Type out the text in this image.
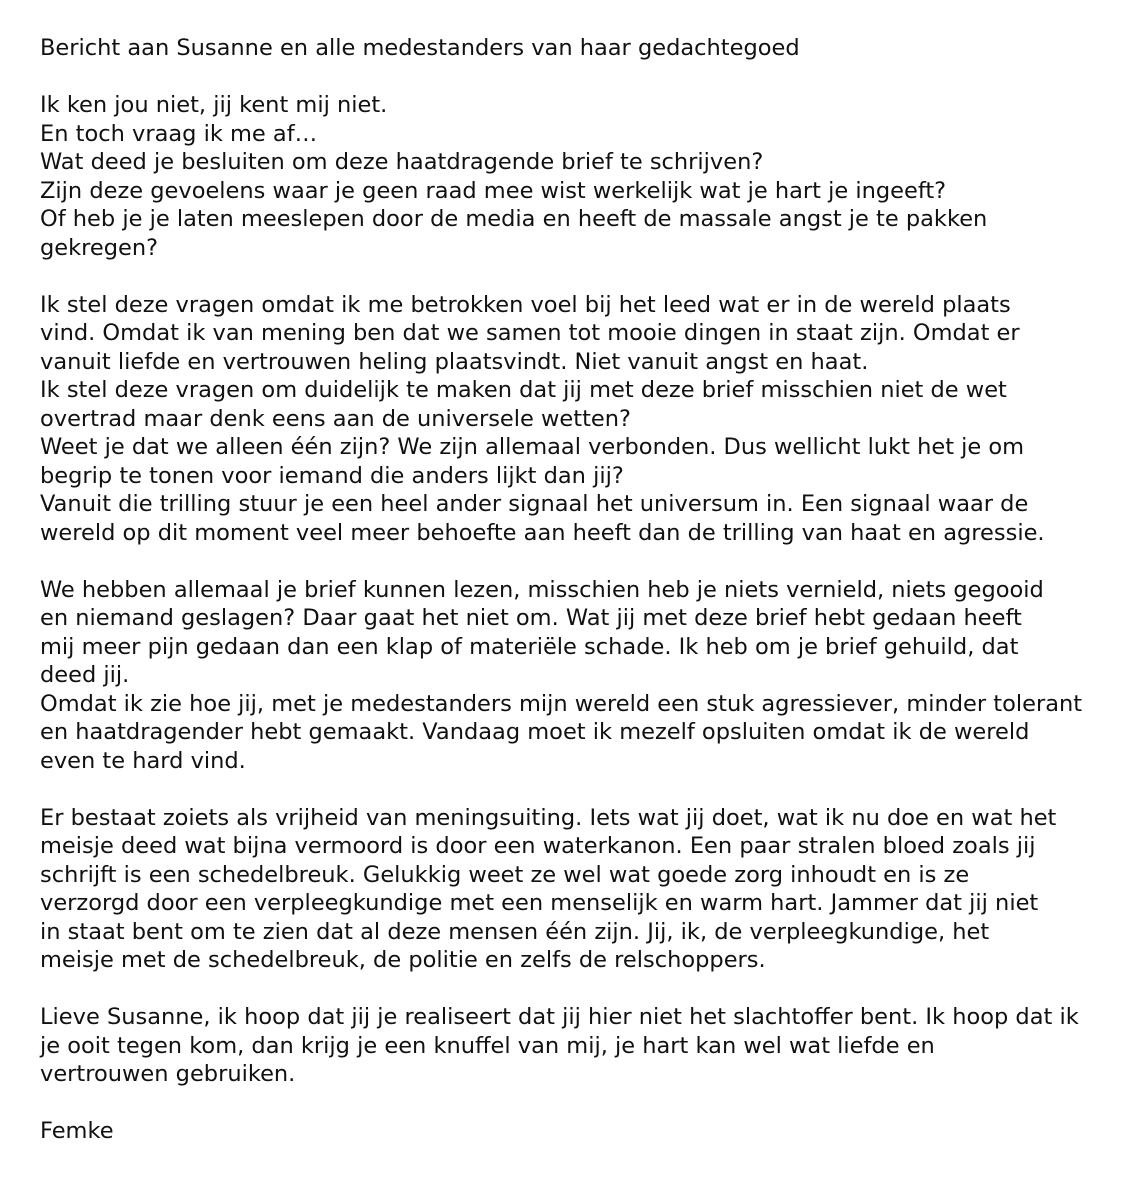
Bericht aan Susanne en alle medestanders van haar gedachtegoed
Ik ken jou niet, jij kent mij niet.
En toch vraag ik me af…
Wat deed je besluiten om deze haatdragende brief te schrijven?
Zijn deze gevoelens waar je geen raad mee wist werkelijk wat je hart je ingeeft?
Of heb je je laten meeslepen door de media en heeft de massale angst je te pakken
gekregen?
Ik stel deze vragen omdat ik me betrokken voel bij het leed wat er in de wereld plaats
vind. Omdat ik van mening ben dat we samen tot mooie dingen in staat zijn. Omdat er
vanuit liefde en vertrouwen heling plaatsvindt. Niet vanuit angst en haat.
Ik stel deze vragen om duidelijk te maken dat jij met deze brief misschien niet de wet
overtrad maar denk eens aan de universele wetten?
Weet je dat we alleen één zijn? We zijn allemaal verbonden. Dus wellicht lukt het je om
begrip te tonen voor iemand die anders lijkt dan jij?
Vanuit die trilling stuur je een heel ander signaal het universum in. Een signaal waar de
wereld op dit moment veel meer behoefte aan heeft dan de trilling van haat en agressie.
We hebben allemaal je brief kunnen lezen, misschien heb je niets vernield, niets gegooid
en niemand geslagen? Daar gaat het niet om. Wat jij met deze brief hebt gedaan heeft
mij meer pijn gedaan dan een klap of materiële schade. Ik heb om je brief gehuild, dat
deed jij.
Omdat ik zie hoe jij, met je medestanders mijn wereld een stuk agressiever, minder tolerant
en haatdragender hebt gemaakt. Vandaag moet ik mezelf opsluiten omdat ik de wereld
even te hard vind.
Er bestaat zoiets als vrijheid van meningsuiting. Iets wat jij doet, wat ik nu doe en wat het
meisje deed wat bijna vermoord is door een waterkanon. Een paar stralen bloed zoals jij
schrijft is een schedelbreuk. Gelukkig weet ze wel wat goede zorg inhoudt en is ze
verzorgd door een verpleegkundige met een menselijk en warm hart. Jammer dat jij niet
in staat bent om te zien dat al deze mensen één zijn. Jij, ik, de verpleegkundige, het
meisje met de schedelbreuk, de politie en zelfs de relschoppers.
Lieve Susanne, ik hoop dat jij je realiseert dat jij hier niet het slachtoffer bent. Ik hoop dat ik
je ooit tegen kom, dan krijg je een knuffel van mij, je hart kan wel wat liefde en
vertrouwen gebruiken.
Femke
